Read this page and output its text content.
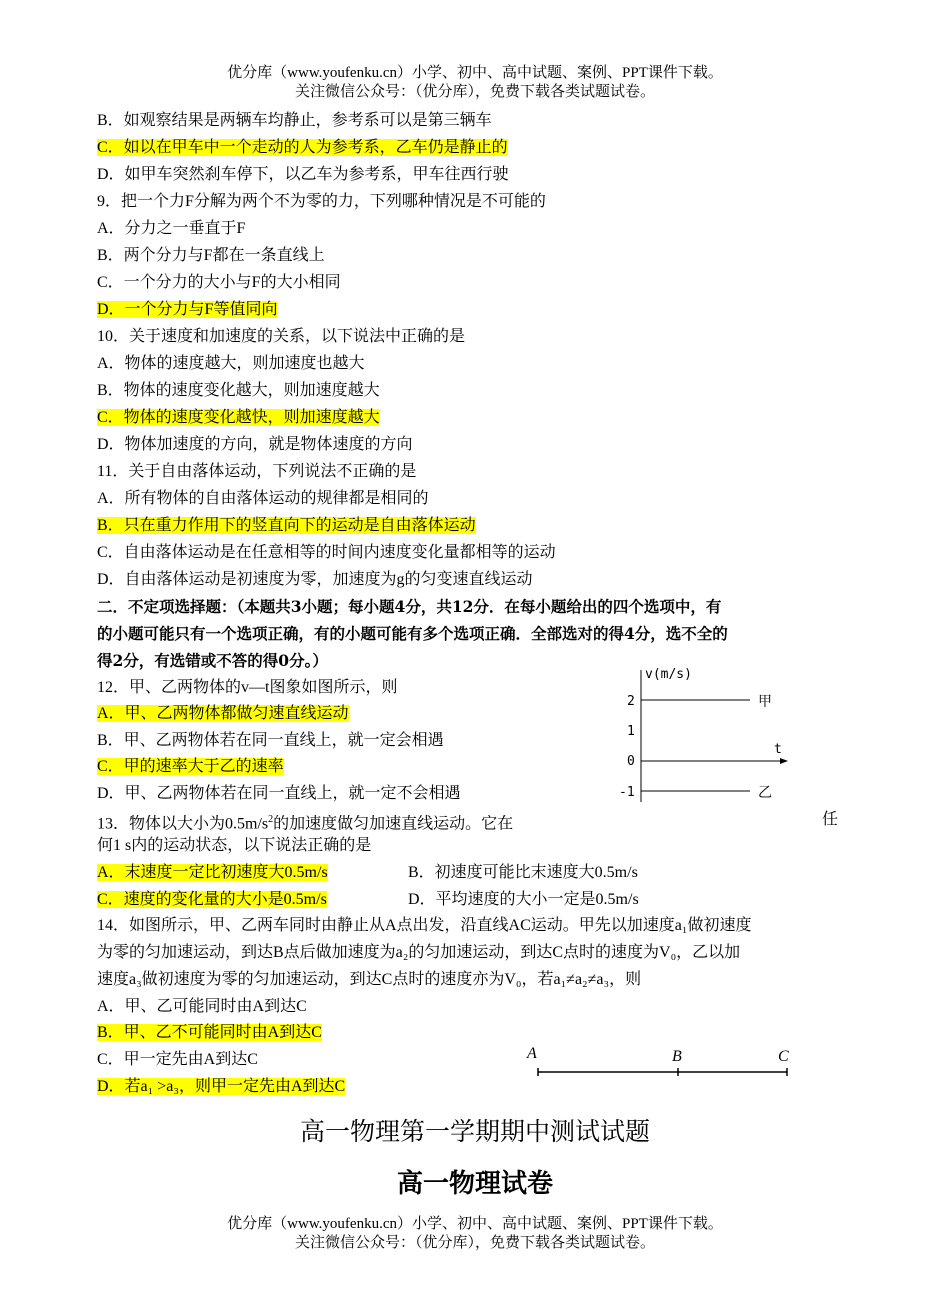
优分库（www.youfenku.cn）小学、初中、高中试题、案例、PPT课件下载。
关注微信公众号：（优分库），免费下载各类试题试卷。
B．如观察结果是两辆车均静止，参考系可以是第三辆车
C．如以在甲车中一个走动的人为参考系，乙车仍是静止的
D．如甲车突然刹车停下，以乙车为参考系，甲车往西行驶
9．把一个力F分解为两个不为零的力，下列哪种情况是不可能的
A．分力之一垂直于F
B．两个分力与F都在一条直线上
C．一个分力的大小与F的大小相同
D．一个分力与F等值同向
10．关于速度和加速度的关系，以下说法中正确的是
A．物体的速度越大，则加速度也越大
B．物体的速度变化越大，则加速度越大
C．物体的速度变化越快，则加速度越大
D．物体加速度的方向，就是物体速度的方向
11．关于自由落体运动，下列说法不正确的是
A．所有物体的自由落体运动的规律都是相同的
B．只在重力作用下的竖直向下的运动是自由落体运动
C．自由落体运动是在任意相等的时间内速度变化量都相等的运动
D．自由落体运动是初速度为零，加速度为g的匀变速直线运动
二．不定项选择题：（本题共3小题；每小题4分，共12分．在每小题给出的四个选项中，有
的小题可能只有一个选项正确，有的小题可能有多个选项正确．全部选对的得4分，选不全的
得2分，有选错或不答的得0分。）
12．甲、乙两物体的v—t图象如图所示，则
A．甲、乙两物体都做匀速直线运动
B．甲、乙两物体若在同一直线上，就一定会相遇
C．甲的速率大于乙的速率
D．甲、乙两物体若在同一直线上，就一定不会相遇
v(m/s)
t
2
1
0
-1
甲
乙
13．物体以大小为$0.5m/s^2$的加速度做匀加速直线运动。它在	任
何1 s内的运动状态，以下说法正确的是
A．末速度一定比初速度大0.5m/s	B．初速度可能比末速度大0.5m/s
C．速度的变化量的大小是0.5m/s	D．平均速度的大小一定是0.5m/s
14．如图所示，甲、乙两车同时由静止从A点出发，沿直线AC运动。甲先以加速度a₁做初速度
为零的匀加速运动，到达B点后做加速度为a₂的匀加速运动，到达C点时的速度为V₀，乙以加
速度a₃做初速度为零的匀加速运动，到达C点时的速度亦为V₀，若a₁≠a₂≠a₃，则
A．甲、乙可能同时由A到达C
B．甲、乙不可能同时由A到达C
C．甲一定先由A到达C
D．若a₁ >a₃，则甲一定先由A到达C
A	B	C
高一物理第一学期期中测试试题
高一物理试卷
优分库（www.youfenku.cn）小学、初中、高中试题、案例、PPT课件下载。
关注微信公众号：（优分库），免费下载各类试题试卷。
